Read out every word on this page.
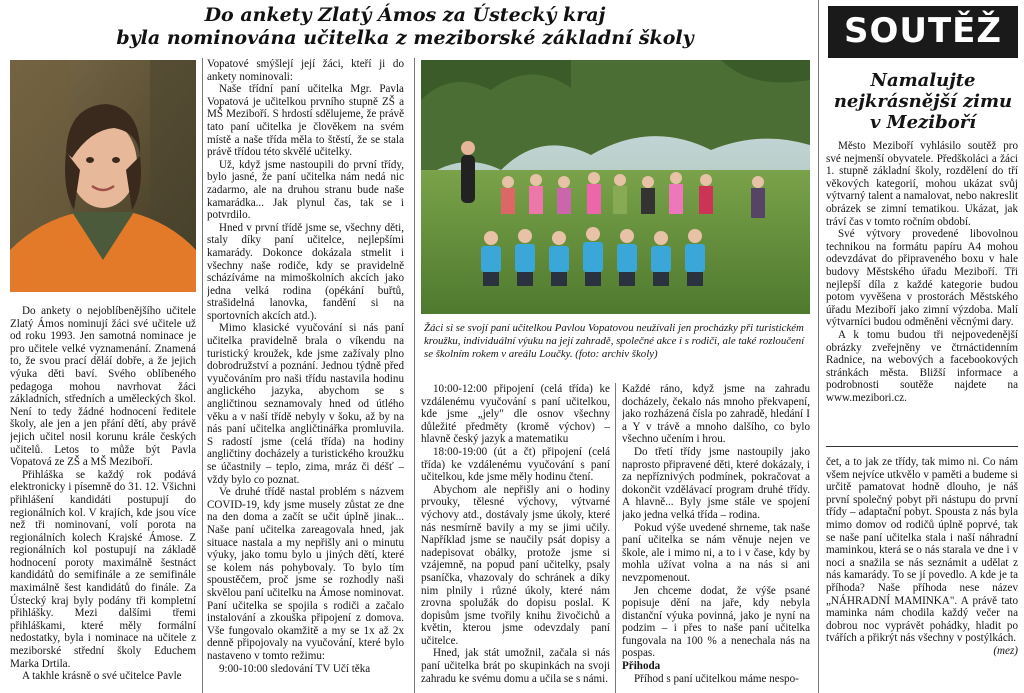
Do ankety Zlatý Ámos za Ústecký kraj
byla nominována učitelka z meziborské základní školy

Do ankety o nejoblíbenějšího učitele Zlatý Ámos nominují žáci své učitele už od roku 1993. Jen samotná nominace je pro učitele velké vyznamenání. Znamená to, že svou prací děláí dobře, a že jejich výuka děti baví. Svého oblíbeného pedagoga mohou navrhovat žáci základních, středních a uměleckých škol. Není to tedy žádné hodnocení ředitele školy, ale jen a jen přání dětí, aby právě jejich učitel nosil korunu krále českých učitelů. Letos to může být Pavla Vopatová ze ZŠ a MŠ Meziboří.

Přihláška se každý rok podává elektronicky i písemně do 31. 12. Všichni přihlášení kandidáti postupují do regionálních kol. V krajích, kde jsou více než tři nominovaní, volí porota na regionálních kolech Krajské Ámose. Z regionálních kol postupují na základě hodnocení poroty maximálně šestnáct kandidátů do semifinále a ze semifinále maximálně šest kandidátů do finále. Za Ústecký kraj byly podány tři kompletní přihlášky. Mezi dalšími třemi přihláškami, které měly formální nedostatky, byla i nominace na učitele z meziborské střední školy Educhem Marka Drtila.

A takhle krásně o své učitelce Pavle

Vopatové smýšlejí její žáci, kteří ji do ankety nominovali:

Naše třídní paní učitelka Mgr. Pavla Vopatová je učitelkou prvního stupně ZŠ a MŠ Meziboří. S hrdostí sdělujeme, že právě tato paní učitelka je člověkem na svém místě a naše třída měla to štěstí, že se stala právě třídou této skvělé učitelky.

Už, když jsme nastoupili do první třídy, bylo jasné, že paní učitelka nám nedá nic zadarmo, ale na druhou stranu bude naše kamarádka... Jak plynul čas, tak se i potvrdilo.

Hned v první třídě jsme se, všechny děti, staly díky paní učitelce, nejlepšími kamarády. Dokonce dokázala stmelit i všechny naše rodiče, kdy se pravidelně scházíváme na mimoškolních akcích jako jedna velká rodina (opékání buřtů, strašidelná lanovka, fandění si na sportovních akcích atd.).

Mimo klasické vyučování si nás paní učitelka pravidelně brala o víkendu na turistický kroužek, kde jsme zažívaly plno dobrodružství a poznání. Jednou týdně před vyučováním pro naši třídu nastavila hodinu anglického jazyka, abychom se s angličtinou seznamovaly hned od útlého věku a v naší třídě nebyly v šoku, až by na nás paní učitelka angličtinářka promluvila. S radostí jsme (celá třída) na hodiny angličtiny docházely a turistického kroužku se účastnily – teplo, zima, mráz či déšť – vždy bylo co poznat.

Ve druhé třídě nastal problém s názvem COVID-19, kdy jsme musely zůstat ze dne na den doma a začít se učit úplně jinak... Naše paní učitelka zareagovala hned, jak situace nastala a my nepřišly ani o minutu výuky, jako tomu bylo u jiných dětí, které se kolem nás pohybovaly. To bylo tím spoustěčem, proč jsme se rozhodly naši skvělou paní učitelku na Ámose nominovat. Paní učitelka se spojila s rodiči a začalo instalování a zkouška připojení z domova. Vše fungovalo okamžitě a my se 1x až 2x denně připojovaly na vyučování, které bylo nastaveno v tomto režimu:

9:00-10:00 sledování TV Učí těka

Žáci si se svojí paní učitelkou Pavlou Vopatovou neužívali jen procházky při turistickém kroužku, individuální výuku na její zahradě, společné akce i s rodiči, ale také rozloučení se školním rokem v areálu Loučky. (foto: archiv školy)

10:00-12:00 připojení (celá třída) ke vzdálenému vyučování s paní učitelkou, kde jsme „jely" dle osnov všechny důležité předměty (kromě výchov) – hlavně český jazyk a matematiku

18:00-19:00 (út a čt) připojení (celá třída) ke vzdálenému vyučování s paní učitelkou, kde jsme měly hodinu čtení.

Abychom ale nepřišly ani o hodiny prvouky, tělesné výchovy, výtvarné výchovy atd., dostávaly jsme úkoly, které nás nesmírně bavily a my se jimi učily. Například jsme se naučily psát dopisy a nadepisovat obálky, protože jsme si vzájemně, na popud paní učitelky, psaly psaníčka, vhazovaly do schránek a díky nim plnily i různé úkoly, které nám zrovna spolužák do dopisu poslal. K dopisům jsme tvořily knihu živočichů a květin, kterou jsme odevzdaly paní učitelce.

Hned, jak stát umožnil, začala si nás paní učitelka brát po skupinkách na svoji zahradu ke svému domu a učila se s námi.

Každé ráno, když jsme na zahradu docházely, čekalo nás mnoho překvapení, jako rozházená čísla po zahradě, hledání I a Y v trávě a mnoho dalšího, co bylo všechno učením i hrou.

Do třetí třídy jsme nastoupily jako naprosto připravené děti, které dokázaly, i za nepříznivých podmínek, pokračovat a dokončit vzdělávací program druhé třídy. A hlavně... Byly jsme stále ve spojení jako jedna velká třída – rodina.

Pokud výše uvedené shrneme, tak naše paní učitelka se nám věnuje nejen ve škole, ale i mimo ni, a to i v čase, kdy by mohla užívat volna a na nás si ani nevzpomenout.

Jen chceme dodat, že výše psané popisuje dění na jaře, kdy nebyla distanční výuka povinná, jako je nyní na podzim – i přes to naše paní učitelka fungovala na 100 % a nenechala nás na pospas.

Přihoda

Příhod s paní učitelkou máme nespo-

SOUTĚŽ
Namalujte nejkrásnější zimu v Meziboří

Město Meziboří vyhlásilo soutěž pro své nejmenší obyvatele. Předškoláci a žáci 1. stupně základní školy, rozdělení do tří věkových kategorií, mohou ukázat svůj výtvarný talent a namalovat, nebo nakreslit obrázek se zimní tematikou. Ukázat, jak tráví čas v tomto ročním období.

Své výtvory provedené libovolnou technikou na formátu papíru A4 mohou odevzdávat do připraveného boxu v hale budovy Městského úřadu Meziboří. Tři nejlepší díla z každé kategorie budou potom vyvěšena v prostorách Městského úřadu Meziboří jako zimní výzdoba. Malí výtvarníci budou odměněni věcnými dary.

A k tomu budou tři nejpovedenější obrázky zveřejněny ve čtrnáctidenním Radnice, na webových a facebookových stránkách města. Bližší informace a podrobnosti soutěže najdete na www.mezibori.cz.

čet, a to jak ze třídy, tak mimo ni. Co nám všem nejvíce utkvělo v paměti a budeme si určitě pamatovat hodně dlouho, je náš první společný pobyt při nástupu do první třídy – adaptační pobyt. Spousta z nás byla mimo domov od rodičů úplně poprvé, tak se naše paní učitelka stala i naší náhradní maminkou, která se o nás starala ve dne i v noci a snažila se nás seznámit a udělat z nás kamarády. To se jí povedlo. A kde je ta příhoda? Naše příhoda nese název „NÁHRADNÍ MAMINKA". A právě tato maminka nám chodila každý večer na dobrou noc vyprávět pohádky, hladit po tvářích a přikrýt nás všechny v postýlkách.

(mez)
